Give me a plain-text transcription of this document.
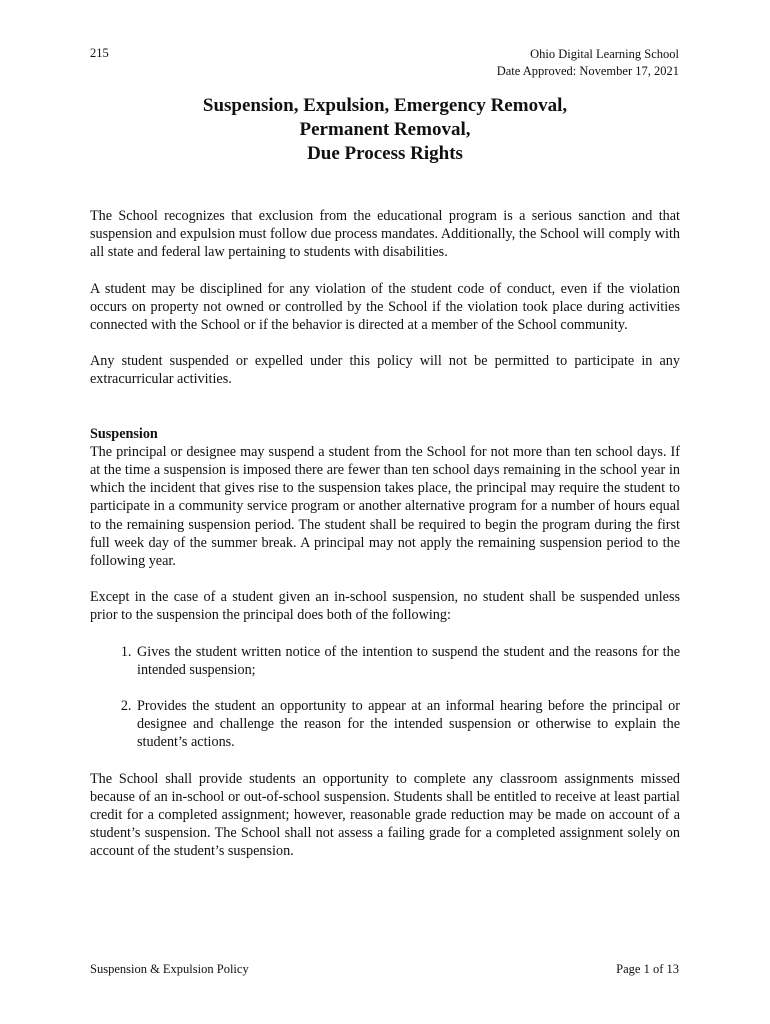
215	Ohio Digital Learning School
Date Approved: November 17, 2021
Suspension, Expulsion, Emergency Removal,
Permanent Removal,
Due Process Rights

The School recognizes that exclusion from the educational program is a serious sanction and that suspension and expulsion must follow due process mandates. Additionally, the School will comply with all state and federal law pertaining to students with disabilities.

A student may be disciplined for any violation of the student code of conduct, even if the violation occurs on property not owned or controlled by the School if the violation took place during activities connected with the School or if the behavior is directed at a member of the School community.

Any student suspended or expelled under this policy will not be permitted to participate in any extracurricular activities.

Suspension

The principal or designee may suspend a student from the School for not more than ten school days. If at the time a suspension is imposed there are fewer than ten school days remaining in the school year in which the incident that gives rise to the suspension takes place, the principal may require the student to participate in a community service program or another alternative program for a number of hours equal to the remaining suspension period. The student shall be required to begin the program during the first full week day of the summer break. A principal may not apply the remaining suspension period to the following year.

Except in the case of a student given an in-school suspension, no student shall be suspended unless prior to the suspension the principal does both of the following:

1. Gives the student written notice of the intention to suspend the student and the reasons for the intended suspension;
2. Provides the student an opportunity to appear at an informal hearing before the principal or designee and challenge the reason for the intended suspension or otherwise to explain the student’s actions.

The School shall provide students an opportunity to complete any classroom assignments missed because of an in-school or out-of-school suspension. Students shall be entitled to receive at least partial credit for a completed assignment; however, reasonable grade reduction may be made on account of a student’s suspension. The School shall not assess a failing grade for a completed assignment solely on account of the student’s suspension.

Suspension & Expulsion Policy	Page 1 of 13
